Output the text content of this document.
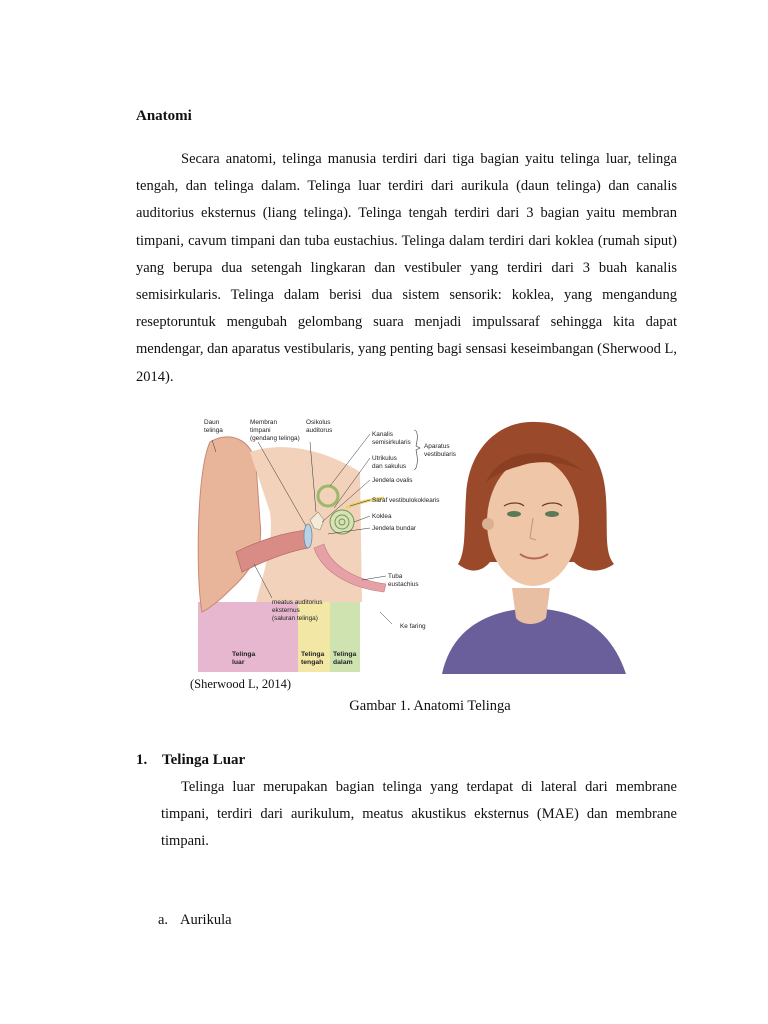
Anatomi

Secara anatomi, telinga manusia terdiri dari tiga bagian yaitu telinga luar, telinga tengah, dan telinga dalam. Telinga luar terdiri dari aurikula (daun telinga) dan canalis auditorius eksternus (liang telinga). Telinga tengah terdiri dari 3 bagian yaitu membran timpani, cavum timpani dan tuba eustachius. Telinga dalam terdiri dari koklea (rumah siput) yang berupa dua setengah lingkaran dan vestibuler yang terdiri dari 3 buah kanalis semisirkularis. Telinga dalam berisi dua sistem sensorik: koklea, yang mengandung reseptoruntuk mengubah gelombang suara menjadi impulssaraf sehingga kita dapat mendengar, dan aparatus vestibularis, yang penting bagi sensasi keseimbangan (Sherwood L, 2014).

Daun telinga
Membran timpani (gendang telinga)
Osikolus auditorus
Kanalis semisirkularis
Utrikulus dan sakulus
Aparatus vestibularis
Jendela ovalis
Saraf vestibulokoklearis
Koklea
Jendela bundar
Tuba eustachius
meatus auditorius eksternus (saluran telinga)
Ke faring
Telinga luar
Telinga tengah
Telinga dalam
(Sherwood L, 2014)
Gambar 1. Anatomi Telinga
1. Telinga Luar

Telinga luar merupakan bagian telinga yang terdapat di lateral dari membrane timpani, terdiri dari aurikulum, meatus akustikus eksternus (MAE) dan membrane timpani.

a. Aurikula
